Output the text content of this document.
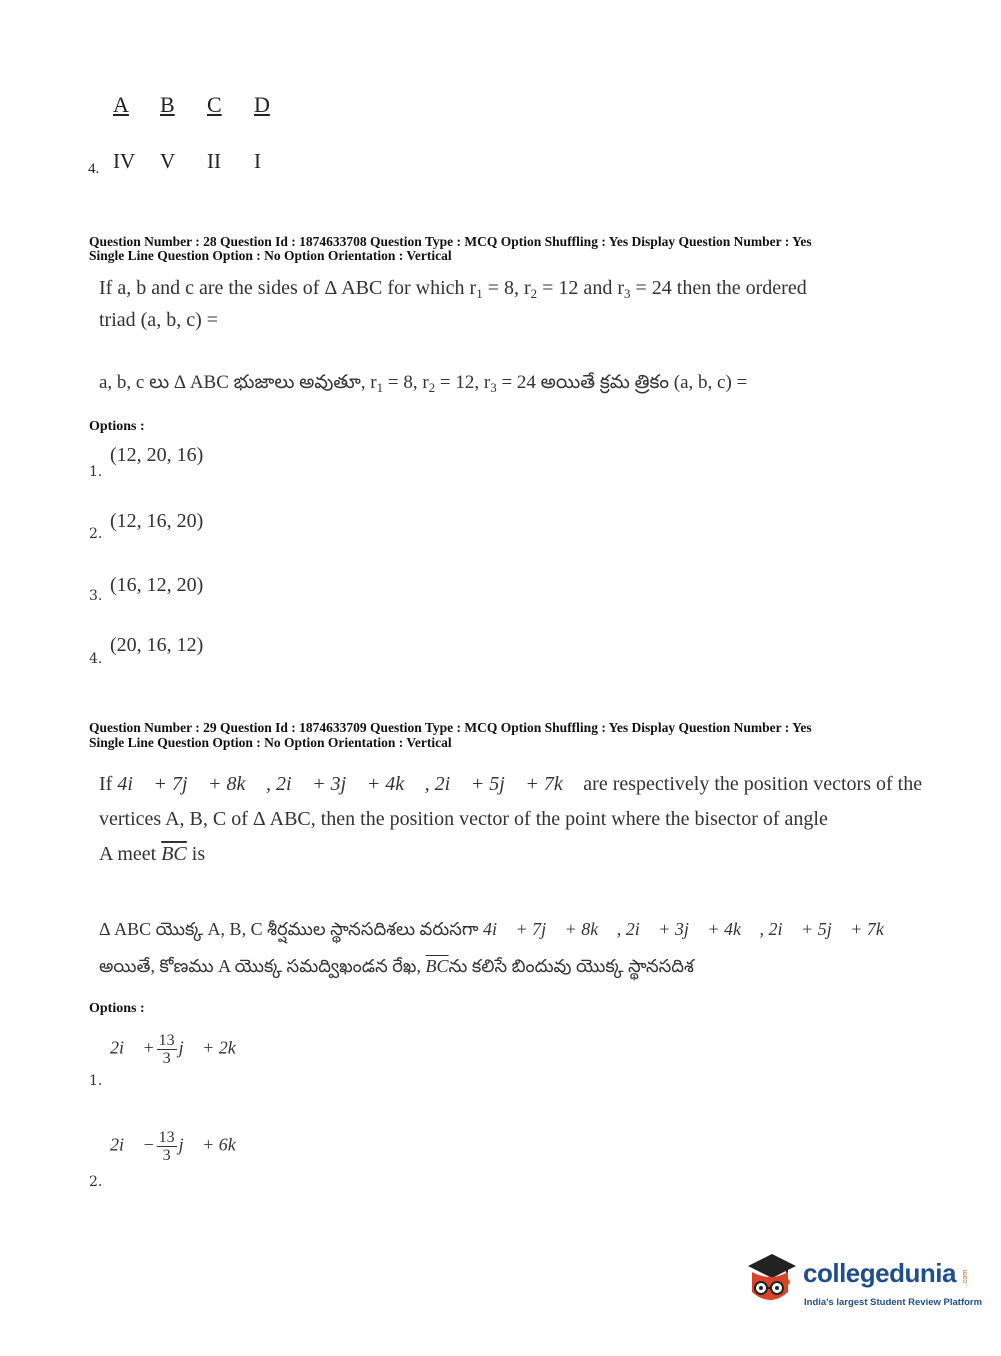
A B C D
4. IV V II I
Question Number : 28 Question Id : 1874633708 Question Type : MCQ Option Shuffling : Yes Display Question Number : Yes
Single Line Question Option : No Option Orientation : Vertical
If a, b and c are the sides of Δ ABC for which $r_1 = 8$, $r_2 = 12$ and $r_3 = 24$ then the ordered
triad (a, b, c) =
a, b, c లు Δ ABC భుజాలు అవుతూ, $r_1 = 8$, $r_2 = 12$, $r_3 = 24$ అయితే క్రమ త్రికం (a, b, c) =
Options :
1.
(12, 20, 16)
2.
(12, 16, 20)
3. (16, 12, 20)
4.
(20, 16, 12)
Question Number : 29 Question Id : 1874633709 Question Type : MCQ Option Shuffling : Yes Display Question Number : Yes
Single Line Question Option : No Option Orientation : Vertical
If 4i⃗ + 7j⃗ + 8k⃗ , 2i⃗ + 3j⃗ + 4k⃗ , 2i⃗ + 5j⃗ + 7k⃗ are respectively the position vectors of the
vertices A, B, C of Δ ABC, then the position vector of the point where the bisector of angle
A meet $\overline{BC}$ is
Δ ABC యొక్క A, B, C శీర్షముల స్థానసదిశలు వరుసగా 4i⃗ + 7j⃗ + 8k⃗ , 2i⃗ + 3j⃗ + 4k⃗ , 2i⃗ + 5j⃗ + 7k⃗
అయితే, కోణము A యొక్క సమద్విఖండన రేఖ, $\overline{BC}ను$ కలిసే బిందువు యొక్క స్థానసదిశ
Options :
1.
2i⃗ + $\frac{13}{3}$ j⃗ + 2k⃗
2.
2i⃗ − $\frac{13}{3}$ j⃗ + 6k⃗
collegedunia .com
India's largest Student Review Platform
